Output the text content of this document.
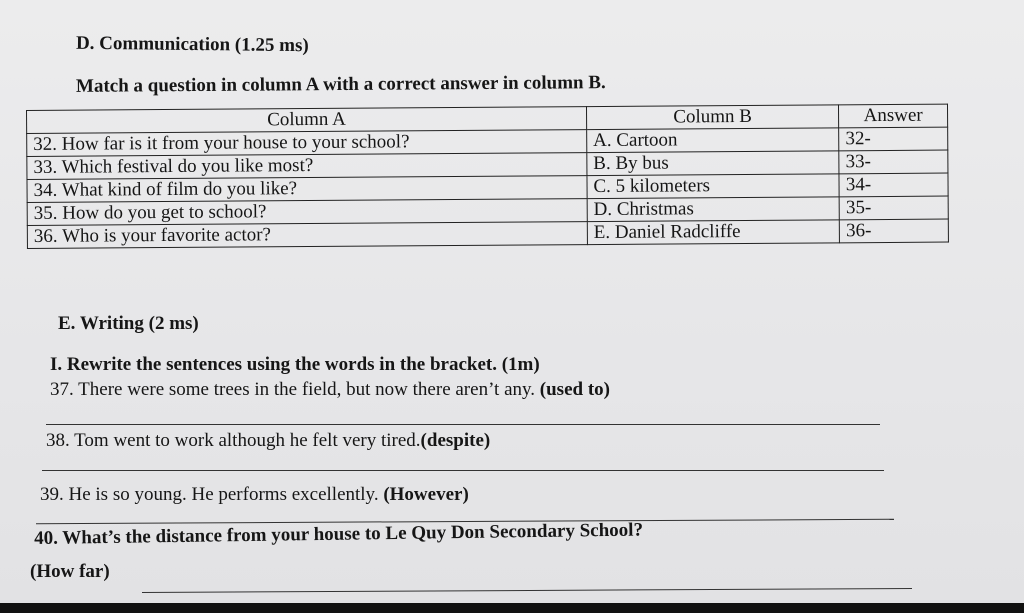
D. Communication (1.25 ms)
Match a question in column A with a correct answer in column B.
Column A	Column B	Answer
32. How far is it from your house to your school?	A. Cartoon	32-
33. Which festival do you like most?	B. By bus	33-
34. What kind of film do you like?	C. 5 kilometers	34-
35. How do you get to school?	D. Christmas	35-
36. Who is your favorite actor?	E. Daniel Radcliffe	36-
E. Writing (2 ms)
I. Rewrite the sentences using the words in the bracket. (1m)
37. There were some trees in the field, but now there aren’t any. (used to)
38. Tom went to work although he felt very tired.(despite)
39. He is so young. He performs excellently. (However)
40. What’s the distance from your house to Le Quy Don Secondary School?
(How far)
